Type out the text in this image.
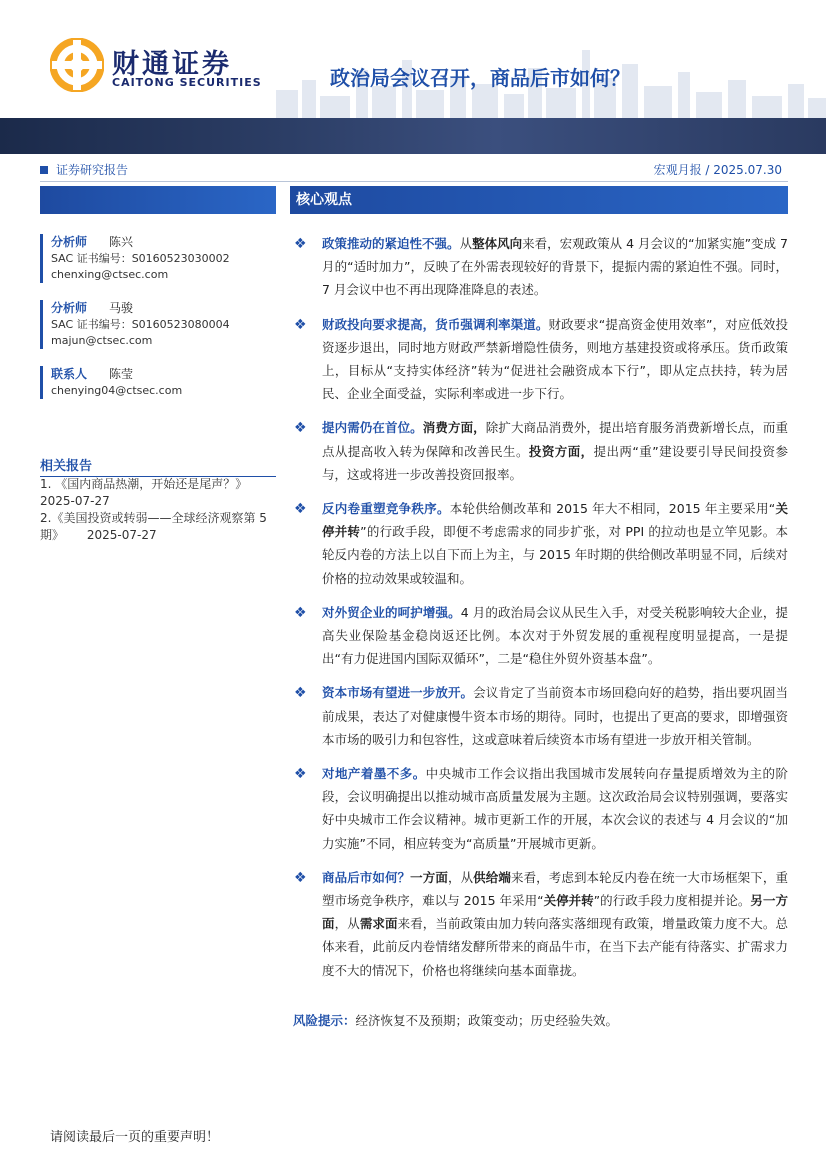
财通证券
CAITONG SECURITIES	政治局会议召开，商品后市如何？
证券研究报告	宏观月报 / 2025.07.30
分析师 陈兴
SAC 证书编号：S0160523030002
chenxing@ctsec.com
分析师 马骏
SAC 证书编号：S0160523080004
majun@ctsec.com
联系人 陈莹
chenying04@ctsec.com
相关报告
1. 《国内商品热潮，开始还是尾声？》
2025-07-27
2.《美国投资或转弱——全球经济观察第 5
期》      2025-07-27
核心观点
❖ 政策推动的紧迫性不强。从整体风向来看，宏观政策从 4 月会议的“加紧实施”变成 7 月的“适时加力”，反映了在外需表现较好的背景下，提振内需的紧迫性不强。同时，7 月会议中也不再出现降准降息的表述。
❖ 财政投向要求提高，货币强调利率渠道。财政要求“提高资金使用效率”，对应低效投资逐步退出，同时地方财政严禁新增隐性债务，则地方基建投资或将承压。货币政策上，目标从“支持实体经济”转为“促进社会融资成本下行”，即从定点扶持，转为居民、企业全面受益，实际利率或进一步下行。
❖ 提内需仍在首位。消费方面，除扩大商品消费外，提出培育服务消费新增长点，而重点从提高收入转为保障和改善民生。投资方面，提出两“重”建设要引导民间投资参与，这或将进一步改善投资回报率。
❖ 反内卷重塑竞争秩序。本轮供给侧改革和 2015 年大不相同，2015 年主要采用“关停并转”的行政手段，即便不考虑需求的同步扩张，对 PPI 的拉动也是立竿见影。本轮反内卷的方法上以自下而上为主，与 2015 年时期的供给侧改革明显不同，后续对价格的拉动效果或较温和。
❖ 对外贸企业的呵护增强。4 月的政治局会议从民生入手，对受关税影响较大企业，提高失业保险基金稳岗返还比例。本次对于外贸发展的重视程度明显提高，一是提出“有力促进国内国际双循环”，二是“稳住外贸外资基本盘”。
❖ 资本市场有望进一步放开。会议肯定了当前资本市场回稳向好的趋势，指出要巩固当前成果，表达了对健康慢牛资本市场的期待。同时，也提出了更高的要求，即增强资本市场的吸引力和包容性，这或意味着后续资本市场有望进一步放开相关管制。
❖ 对地产着墨不多。中央城市工作会议指出我国城市发展转向存量提质增效为主的阶段，会议明确提出以推动城市高质量发展为主题。这次政治局会议特别强调，要落实好中央城市工作会议精神。城市更新工作的开展，本次会议的表述与 4 月会议的“加力实施”不同，相应转变为“高质量”开展城市更新。
❖ 商品后市如何？一方面，从供给端来看，考虑到本轮反内卷在统一大市场框架下，重塑市场竞争秩序，难以与 2015 年采用“关停并转”的行政手段力度相提并论。另一方面，从需求面来看，当前政策由加力转向落实落细现有政策，增量政策力度不大。总体来看，此前反内卷情绪发酵所带来的商品牛市，在当下去产能有待落实、扩需求力度不大的情况下，价格也将继续向基本面靠拢。
风险提示：经济恢复不及预期；政策变动；历史经验失效。
请阅读最后一页的重要声明！
